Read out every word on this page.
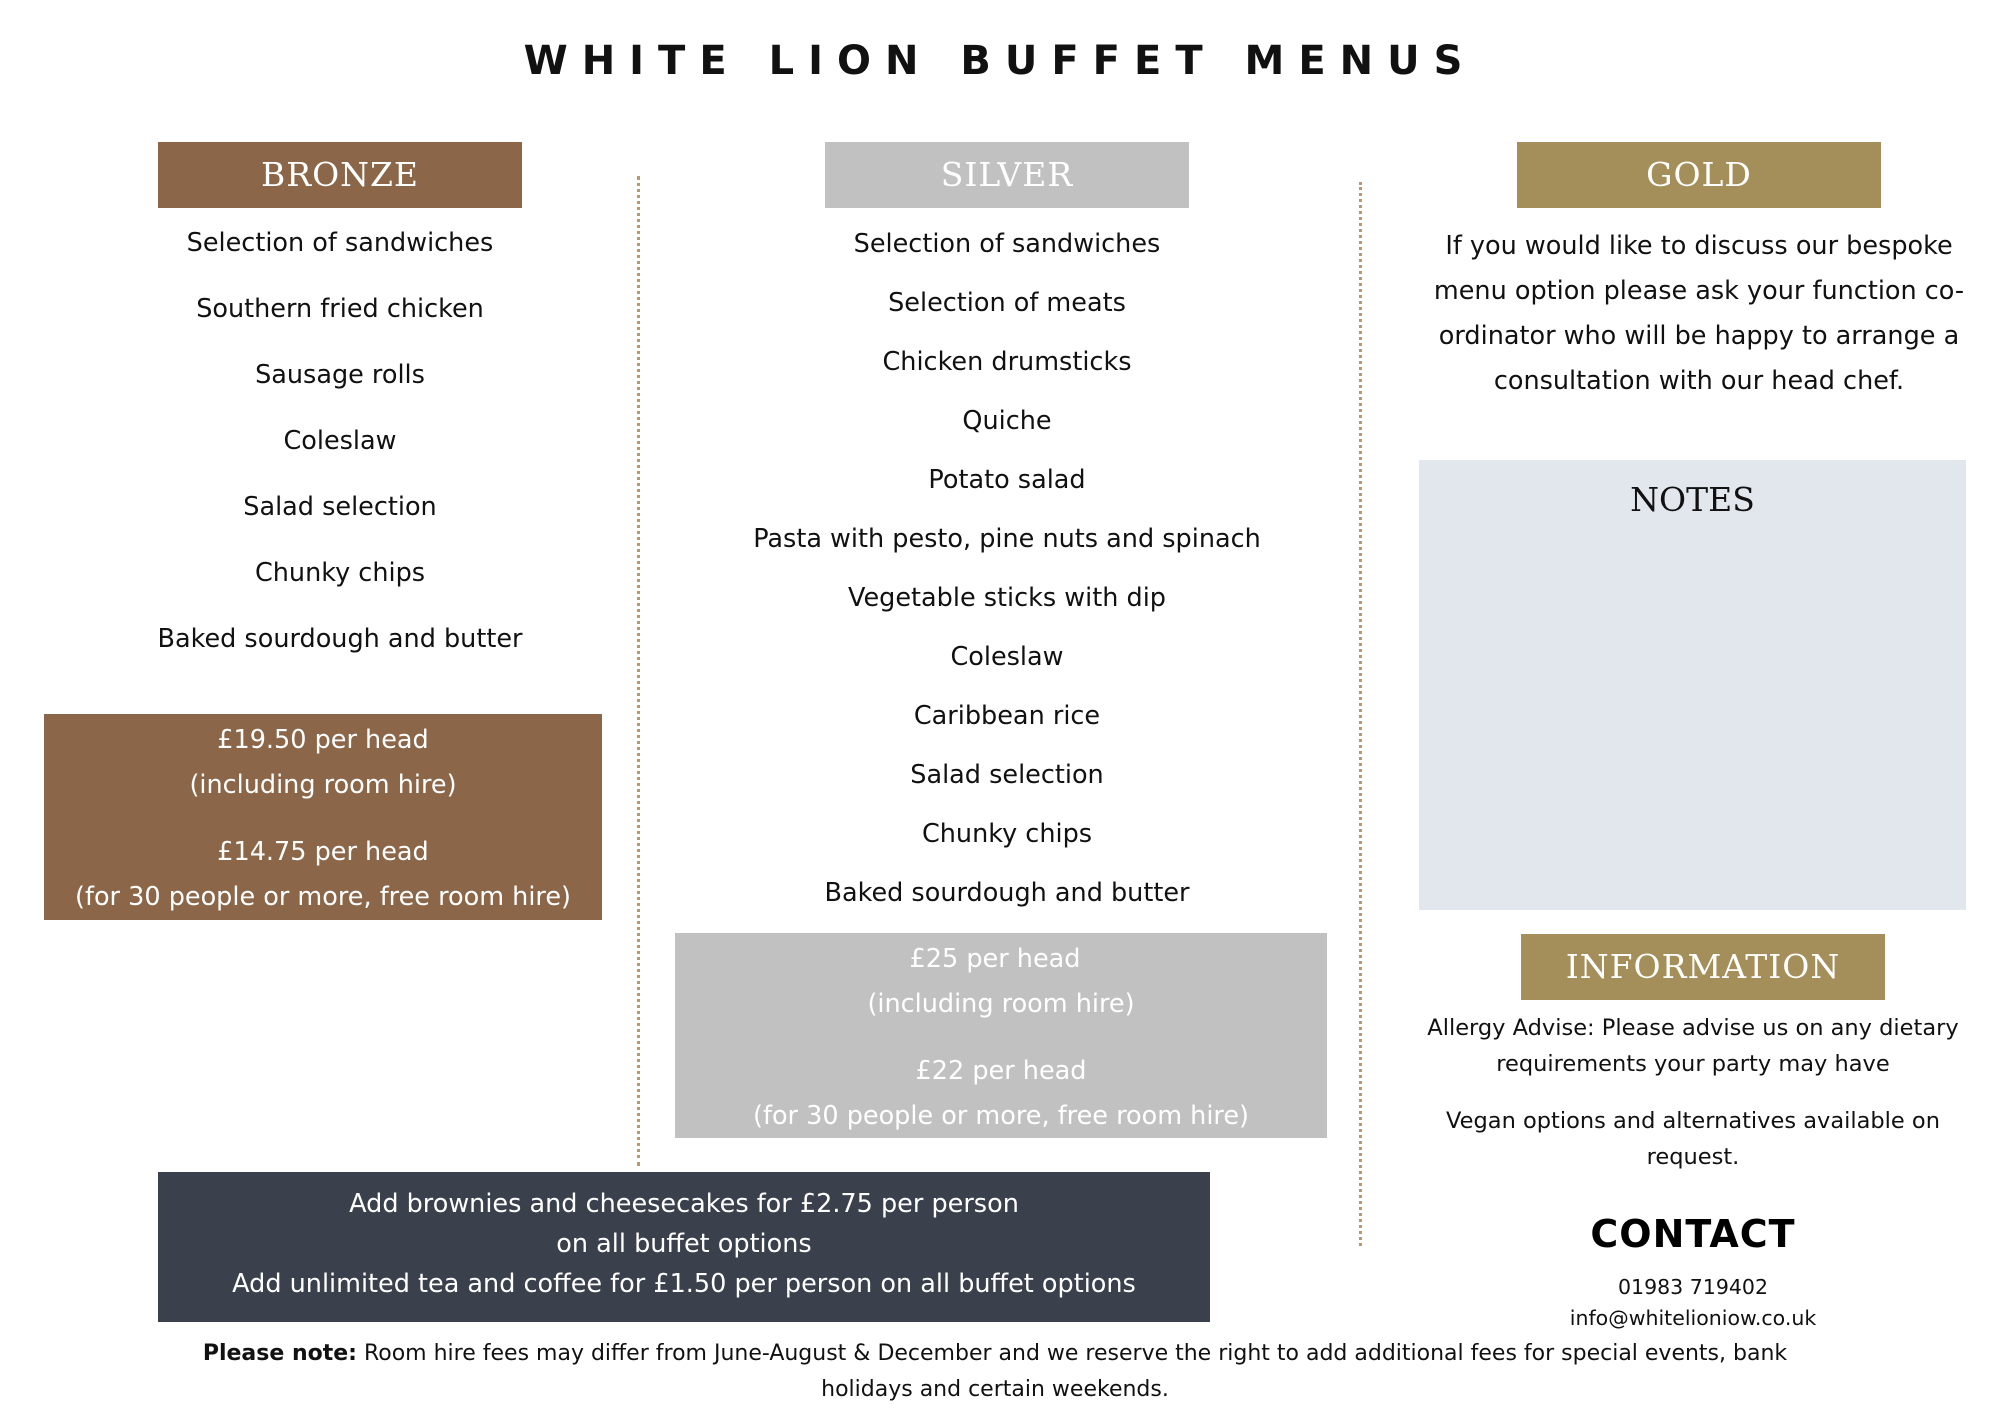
WHITE LION BUFFET MENUS
BRONZE
Selection of sandwiches
Southern fried chicken
Sausage rolls
Coleslaw
Salad selection
Chunky chips
Baked sourdough and butter
£19.50 per head
(including room hire)
£14.75 per head
(for 30 people or more, free room hire)
SILVER
Selection of sandwiches
Selection of meats
Chicken drumsticks
Quiche
Potato salad
Pasta with pesto, pine nuts and spinach
Vegetable sticks with dip
Coleslaw
Caribbean rice
Salad selection
Chunky chips
Baked sourdough and butter
£25 per head
(including room hire)
£22 per head
(for 30 people or more, free room hire)
GOLD
If you would like to discuss our bespoke menu option please ask your function co-ordinator who will be happy to arrange a consultation with our head chef.
NOTES
INFORMATION
Allergy Advise: Please advise us on any dietary requirements your party may have
Vegan options and alternatives available on request.
CONTACT
01983 719402
info@whitelioniow.co.uk
Add brownies and cheesecakes for £2.75 per person
on all buffet options
Add unlimited tea and coffee for £1.50 per person on all buffet options
Please note: Room hire fees may differ from June-August & December and we reserve the right to add additional fees for special events, bank holidays and certain weekends.
